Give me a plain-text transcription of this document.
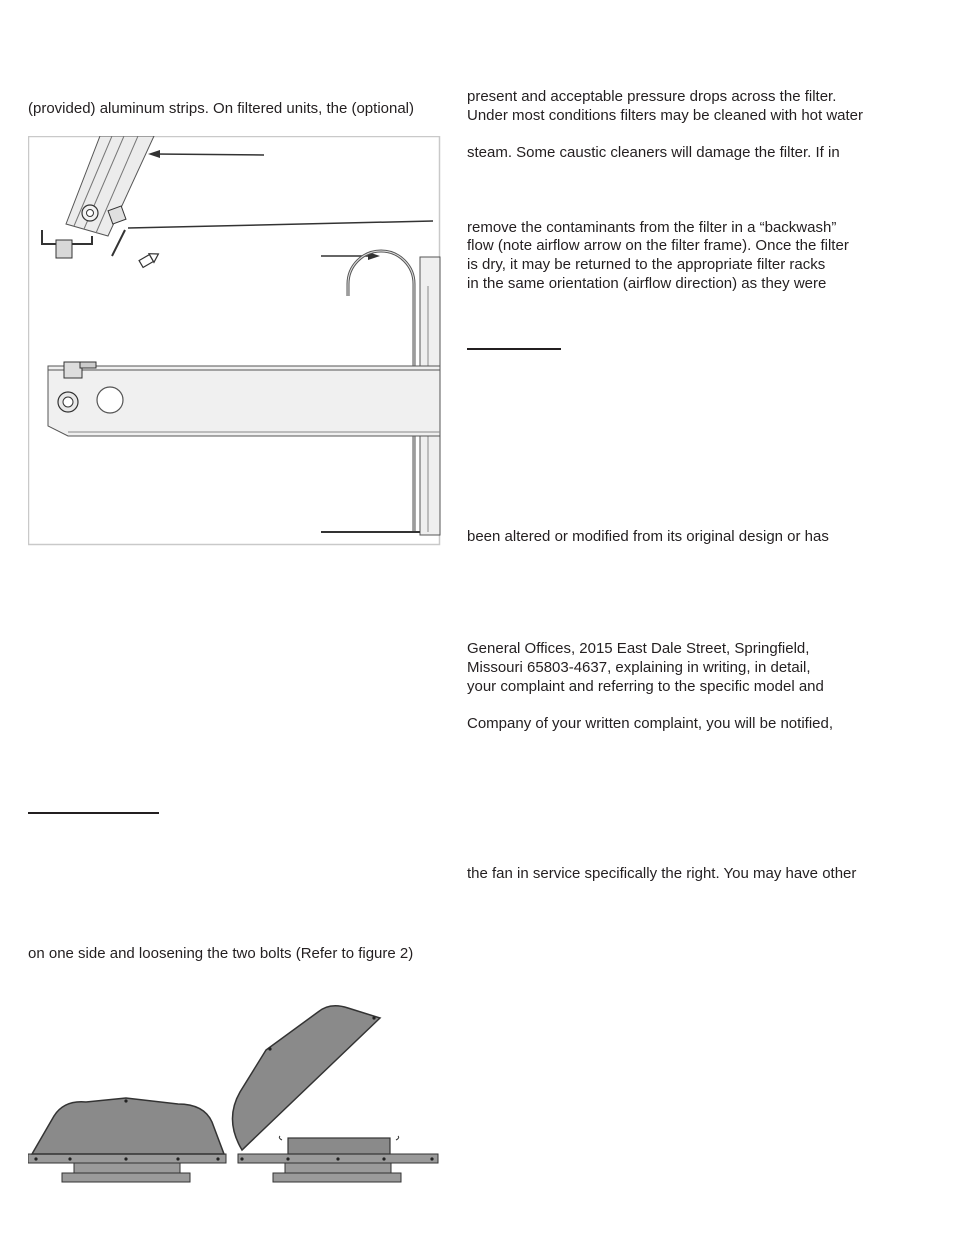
(provided) aluminum strips. On filtered units, the (optional)
on one side and loosening the two bolts (Refer to figure 2)
present and acceptable pressure drops across the filter.
Under most conditions filters may be cleaned with hot water
steam. Some caustic cleaners will damage the filter. If in
remove the contaminants from the filter in a “backwash”
flow (note airflow arrow on the filter frame). Once the filter
is dry, it may be returned to the appropriate filter racks
in the same orientation (airflow direction) as they were
been altered or modified from its original design or has
General Offices, 2015 East Dale Street, Springfield,
Missouri 65803-4637, explaining in writing, in detail,
your complaint and referring to the specific model and
Company of your written complaint, you will be notified,
the fan in service specifically the right. You may have other
